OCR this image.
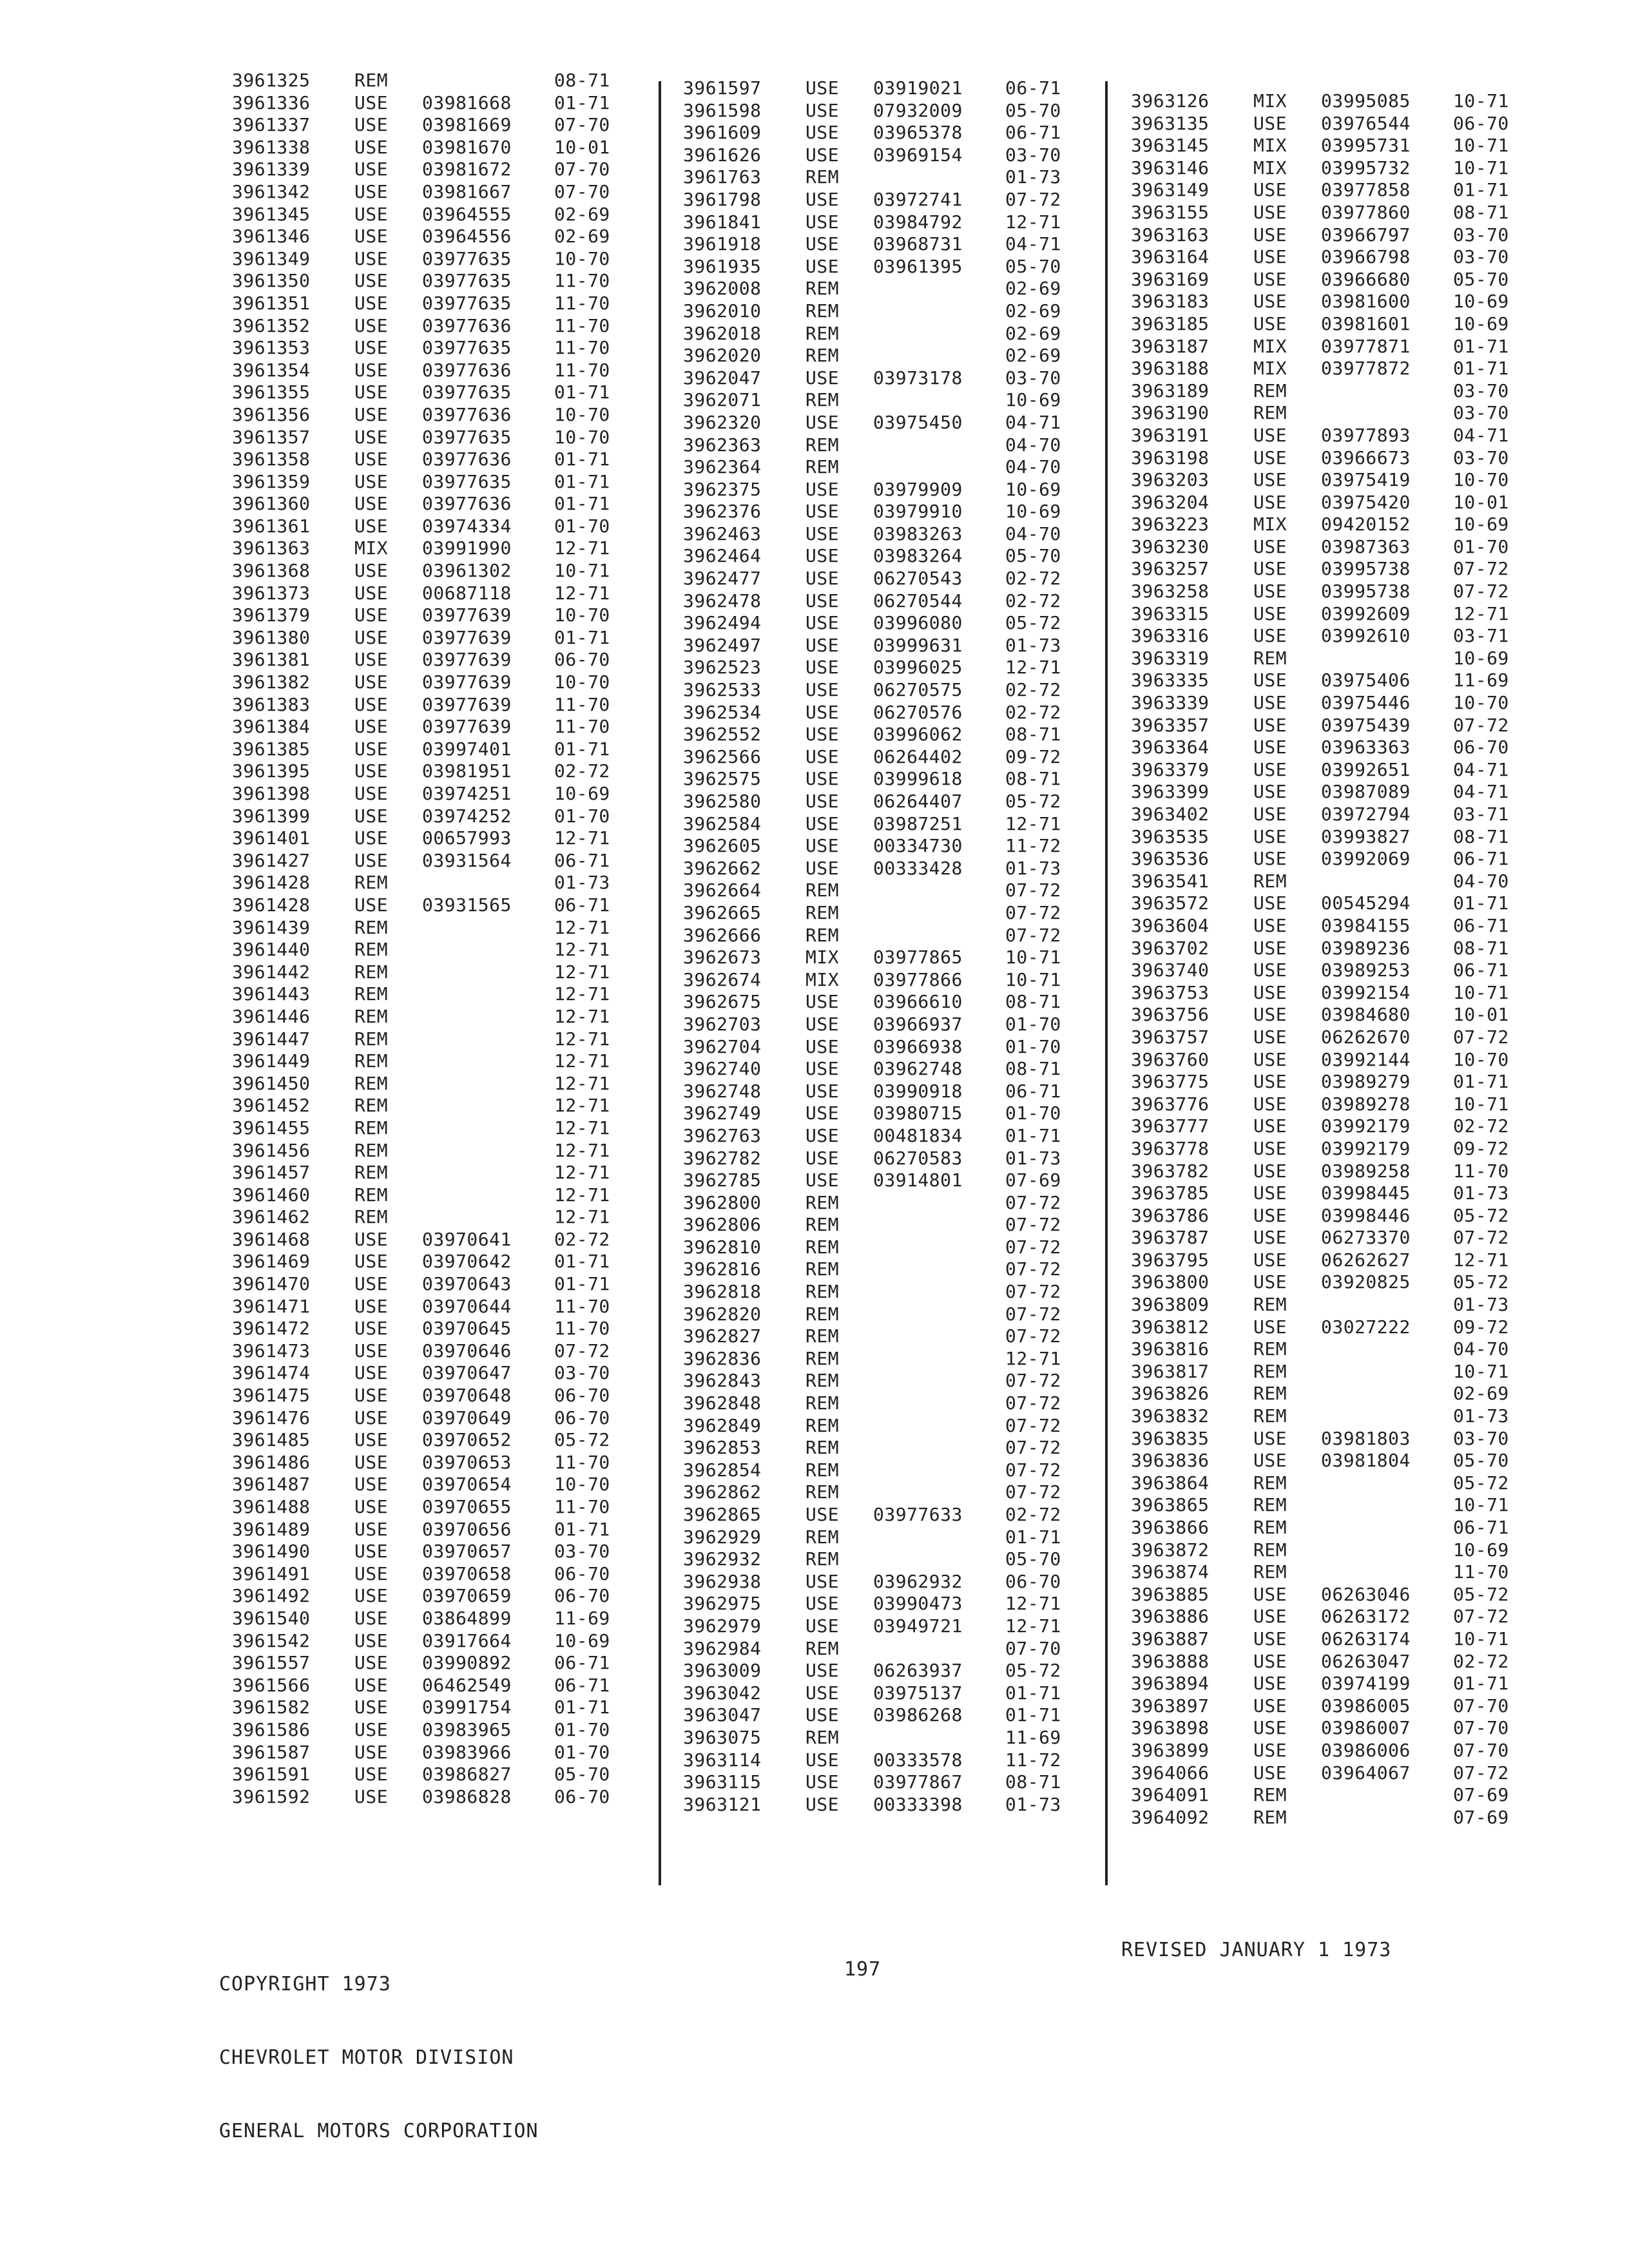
3961325 REM	08-71
3961336 USE 03981668 01-71
3961337 USE 03981669 07-70
3961338 USE 03981670 10-01
3961339 USE 03981672 07-70
3961342 USE 03981667 07-70
3961345 USE 03964555 02-69
3961346 USE 03964556 02-69
3961349 USE 03977635 10-70
3961350 USE 03977635 11-70
3961351 USE 03977635 11-70
3961352 USE 03977636 11-70
3961353 USE 03977635 11-70
3961354 USE 03977636 11-70
3961355 USE 03977635 01-71
3961356 USE 03977636 10-70
3961357 USE 03977635 10-70
3961358 USE 03977636 01-71
3961359 USE 03977635 01-71
3961360 USE 03977636 01-71
3961361 USE 03974334 01-70
3961363 MIX 03991990 12-71
3961368 USE 03961302 10-71
3961373 USE 00687118 12-71
3961379 USE 03977639 10-70
3961380 USE 03977639 01-71
3961381 USE 03977639 06-70
3961382 USE 03977639 10-70
3961383 USE 03977639 11-70
3961384 USE 03977639 11-70
3961385 USE 03997401 01-71
3961395 USE 03981951 02-72
3961398 USE 03974251 10-69
3961399 USE 03974252 01-70
3961401 USE 00657993 12-71
3961427 USE 03931564 06-71
3961428 REM	01-73
3961428 USE 03931565 06-71
3961439 REM	12-71
3961440 REM	12-71
3961442 REM	12-71
3961443 REM	12-71
3961446 REM	12-71
3961447 REM	12-71
3961449 REM	12-71
3961450 REM	12-71
3961452 REM	12-71
3961455 REM	12-71
3961456 REM	12-71
3961457 REM	12-71
3961460 REM	12-71
3961462 REM	12-71
3961468 USE 03970641 02-72
3961469 USE 03970642 01-71
3961470 USE 03970643 01-71
3961471 USE 03970644 11-70
3961472 USE 03970645 11-70
3961473 USE 03970646 07-72
3961474 USE 03970647 03-70
3961475 USE 03970648 06-70
3961476 USE 03970649 06-70
3961485 USE 03970652 05-72
3961486 USE 03970653 11-70
3961487 USE 03970654 10-70
3961488 USE 03970655 11-70
3961489 USE 03970656 01-71
3961490 USE 03970657 03-70
3961491 USE 03970658 06-70
3961492 USE 03970659 06-70
3961540 USE 03864899 11-69
3961542 USE 03917664 10-69
3961557 USE 03990892 06-71
3961566 USE 06462549 06-71
3961582 USE 03991754 01-71
3961586 USE 03983965 01-70
3961587 USE 03983966 01-70
3961591 USE 03986827 05-70
3961592 USE 03986828 06-70
3961597 USE 03919021 06-71
3961598 USE 07932009 05-70
3961609 USE 03965378 06-71
3961626 USE 03969154 03-70
3961763 REM	01-73
3961798 USE 03972741 07-72
3961841 USE 03984792 12-71
3961918 USE 03968731 04-71
3961935 USE 03961395 05-70
3962008 REM	02-69
3962010 REM	02-69
3962018 REM	02-69
3962020 REM	02-69
3962047 USE 03973178 03-70
3962071 REM	10-69
3962320 USE 03975450 04-71
3962363 REM	04-70
3962364 REM	04-70
3962375 USE 03979909 10-69
3962376 USE 03979910 10-69
3962463 USE 03983263 04-70
3962464 USE 03983264 05-70
3962477 USE 06270543 02-72
3962478 USE 06270544 02-72
3962494 USE 03996080 05-72
3962497 USE 03999631 01-73
3962523 USE 03996025 12-71
3962533 USE 06270575 02-72
3962534 USE 06270576 02-72
3962552 USE 03996062 08-71
3962566 USE 06264402 09-72
3962575 USE 03999618 08-71
3962580 USE 06264407 05-72
3962584 USE 03987251 12-71
3962605 USE 00334730 11-72
3962662 USE 00333428 01-73
3962664 REM	07-72
3962665 REM	07-72
3962666 REM	07-72
3962673 MIX 03977865 10-71
3962674 MIX 03977866 10-71
3962675 USE 03966610 08-71
3962703 USE 03966937 01-70
3962704 USE 03966938 01-70
3962740 USE 03962748 08-71
3962748 USE 03990918 06-71
3962749 USE 03980715 01-70
3962763 USE 00481834 01-71
3962782 USE 06270583 01-73
3962785 USE 03914801 07-69
3962800 REM	07-72
3962806 REM	07-72
3962810 REM	07-72
3962816 REM	07-72
3962818 REM	07-72
3962820 REM	07-72
3962827 REM	07-72
3962836 REM	12-71
3962843 REM	07-72
3962848 REM	07-72
3962849 REM	07-72
3962853 REM	07-72
3962854 REM	07-72
3962862 REM	07-72
3962865 USE 03977633 02-72
3962929 REM	01-71
3962932 REM	05-70
3962938 USE 03962932 06-70
3962975 USE 03990473 12-71
3962979 USE 03949721 12-71
3962984 REM	07-70
3963009 USE 06263937 05-72
3963042 USE 03975137 01-71
3963047 USE 03986268 01-71
3963075 REM	11-69
3963114 USE 00333578 11-72
3963115 USE 03977867 08-71
3963121 USE 00333398 01-73
3963126 MIX 03995085 10-71
3963135 USE 03976544 06-70
3963145 MIX 03995731 10-71
3963146 MIX 03995732 10-71
3963149 USE 03977858 01-71
3963155 USE 03977860 08-71
3963163 USE 03966797 03-70
3963164 USE 03966798 03-70
3963169 USE 03966680 05-70
3963183 USE 03981600 10-69
3963185 USE 03981601 10-69
3963187 MIX 03977871 01-71
3963188 MIX 03977872 01-71
3963189 REM	03-70
3963190 REM	03-70
3963191 USE 03977893 04-71
3963198 USE 03966673 03-70
3963203 USE 03975419 10-70
3963204 USE 03975420 10-01
3963223 MIX 09420152 10-69
3963230 USE 03987363 01-70
3963257 USE 03995738 07-72
3963258 USE 03995738 07-72
3963315 USE 03992609 12-71
3963316 USE 03992610 03-71
3963319 REM	10-69
3963335 USE 03975406 11-69
3963339 USE 03975446 10-70
3963357 USE 03975439 07-72
3963364 USE 03963363 06-70
3963379 USE 03992651 04-71
3963399 USE 03987089 04-71
3963402 USE 03972794 03-71
3963535 USE 03993827 08-71
3963536 USE 03992069 06-71
3963541 REM	04-70
3963572 USE 00545294 01-71
3963604 USE 03984155 06-71
3963702 USE 03989236 08-71
3963740 USE 03989253 06-71
3963753 USE 03992154 10-71
3963756 USE 03984680 10-01
3963757 USE 06262670 07-72
3963760 USE 03992144 10-70
3963775 USE 03989279 01-71
3963776 USE 03989278 10-71
3963777 USE 03992179 02-72
3963778 USE 03992179 09-72
3963782 USE 03989258 11-70
3963785 USE 03998445 01-73
3963786 USE 03998446 05-72
3963787 USE 06273370 07-72
3963795 USE 06262627 12-71
3963800 USE 03920825 05-72
3963809 REM	01-73
3963812 USE 03027222 09-72
3963816 REM	04-70
3963817 REM	10-71
3963826 REM	02-69
3963832 REM	01-73
3963835 USE 03981803 03-70
3963836 USE 03981804 05-70
3963864 REM	05-72
3963865 REM	10-71
3963866 REM	06-71
3963872 REM	10-69
3963874 REM	11-70
3963885 USE 06263046 05-72
3963886 USE 06263172 07-72
3963887 USE 06263174 10-71
3963888 USE 06263047 02-72
3963894 USE 03974199 01-71
3963897 USE 03986005 07-70
3963898 USE 03986007 07-70
3963899 USE 03986006 07-70
3964066 USE 03964067 07-72
3964091 REM	07-69
3964092 REM	07-69

COPYRIGHT 1973

CHEVROLET MOTOR DIVISION

GENERAL MOTORS CORPORATION

197
REVISED JANUARY 1 1973
